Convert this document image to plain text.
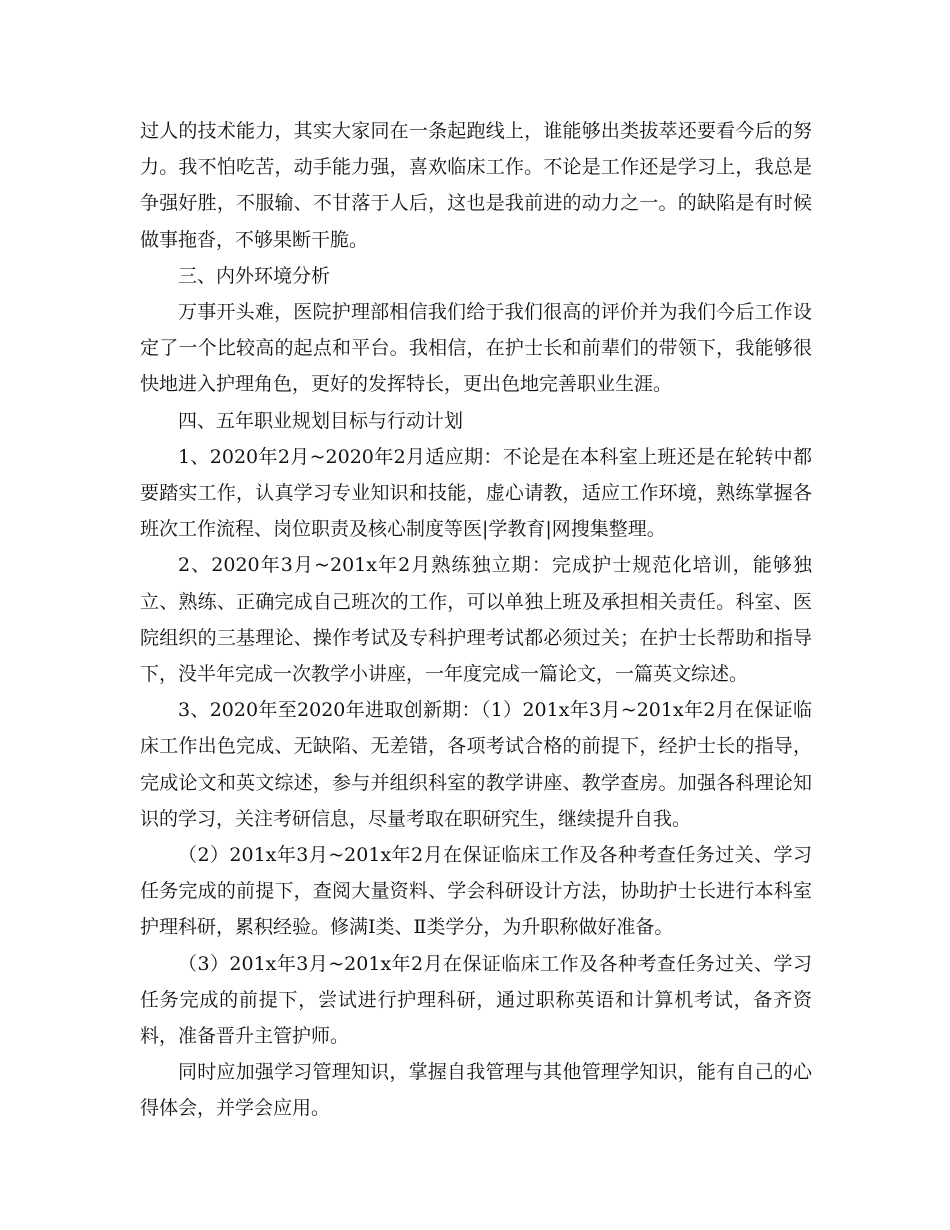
过人的技术能力，其实大家同在一条起跑线上，谁能够出类拔萃还要看今后的努力。我不怕吃苦，动手能力强，喜欢临床工作。不论是工作还是学习上，我总是争强好胜，不服输、不甘落于人后，这也是我前进的动力之一。的缺陷是有时候做事拖沓，不够果断干脆。

三、内外环境分析

万事开头难，医院护理部相信我们给于我们很高的评价并为我们今后工作设定了一个比较高的起点和平台。我相信，在护士长和前辈们的带领下，我能够很快地进入护理角色，更好的发挥特长，更出色地完善职业生涯。

四、五年职业规划目标与行动计划

1、2020年2月~2020年2月适应期：不论是在本科室上班还是在轮转中都要踏实工作，认真学习专业知识和技能，虚心请教，适应工作环境，熟练掌握各班次工作流程、岗位职责及核心制度等医|学教育|网搜集整理。

2、2020年3月~201x年2月熟练独立期：完成护士规范化培训，能够独立、熟练、正确完成自己班次的工作，可以单独上班及承担相关责任。科室、医院组织的三基理论、操作考试及专科护理考试都必须过关；在护士长帮助和指导下，没半年完成一次教学小讲座，一年度完成一篇论文，一篇英文综述。

3、2020年至2020年进取创新期：（1）201x年3月~201x年2月在保证临床工作出色完成、无缺陷、无差错，各项考试合格的前提下，经护士长的指导，完成论文和英文综述，参与并组织科室的教学讲座、教学查房。加强各科理论知识的学习，关注考研信息，尽量考取在职研究生，继续提升自我。

（2）201x年3月~201x年2月在保证临床工作及各种考查任务过关、学习任务完成的前提下，查阅大量资料、学会科研设计方法，协助护士长进行本科室护理科研，累积经验。修满Ⅰ类、Ⅱ类学分，为升职称做好准备。

（3）201x年3月~201x年2月在保证临床工作及各种考查任务过关、学习任务完成的前提下，尝试进行护理科研，通过职称英语和计算机考试，备齐资料，准备晋升主管护师。

同时应加强学习管理知识，掌握自我管理与其他管理学知识，能有自己的心得体会，并学会应用。
